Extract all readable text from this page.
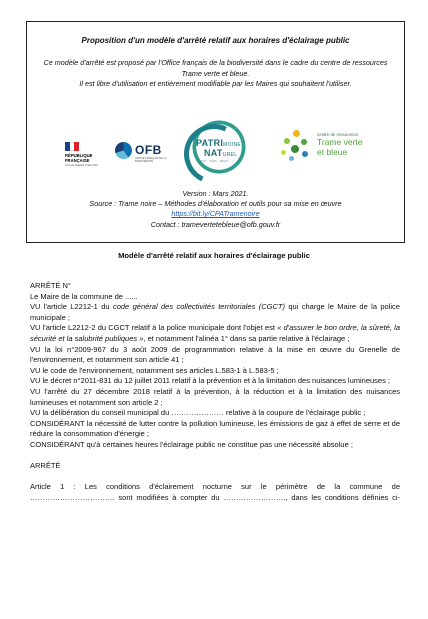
Proposition d'un modèle d'arrêté relatif aux horaires d'éclairage public
Ce modèle d'arrêté est proposé par l'Office français de la biodiversité dans le cadre du centre de ressources Trame verte et bleue.
Il est libre d'utilisation et entièrement modifiable par les Maires qui souhaitent l'utiliser.
RÉPUBLIQUE
FRANÇAISE
Liberté Égalité Fraternité
OFB
OFFICE FRANÇAIS DE LA BIODIVERSITÉ
PATRIMOINE
NATUREL
OFB · CNRS · MNHN
centre de ressources
Trame verte
et bleue
Version : Mars 2021.
Source : Trame noire – Méthodes d'élaboration et outils pour sa mise en œuvre
https://bit.ly/CPATramenoire
Contact : tramevertetebleue@ofb.gouv.fr
Modèle d'arrêté relatif aux horaires d'éclairage public

ARRÊTÉ N°

Le Maire de la commune de ......

VU l'article L2212-1 du code général des collectivités territoriales (CGCT) qui charge le Maire de la police municipale ;

VU l'article L2212-2 du CGCT relatif à la police municipale dont l'objet est « d'assurer le bon ordre, la sûreté, la sécurité et la salubrité publiques », et notamment l'alinéa 1° dans sa partie relative à l'éclairage ;

VU la loi n°2009-967 du 3 août 2009 de programmation relative à la mise en œuvre du Grenelle de l'environnement, et notamment son article 41 ;

VU le code de l'environnement, notamment ses articles L.583-1 à L.583-5 ;

VU le décret n°2011-831 du 12 juillet 2011 relatif à la prévention et à la limitation des nuisances lumineuses ;

VU l'arrêté du 27 décembre 2018 relatif à la prévention, à la réduction et à la limitation des nuisances lumineuses et notamment son article 2 ;

VU la délibération du conseil municipal du ………………… relative à la coupure de l'éclairage public ;

CONSIDÉRANT la nécessité de lutter contre la pollution lumineuse, les émissions de gaz à effet de serre et de réduire la consommation d'énergie ;

CONSIDÉRANT qu'à certaines heures l'éclairage public ne constitue pas une nécessité absolue ;

ARRÊTÉ

Article 1 : Les conditions d'éclairement nocturne sur le périmètre de la commune de

……………………………. sont modifiées à compter du ……………………., dans les conditions définies ci-
